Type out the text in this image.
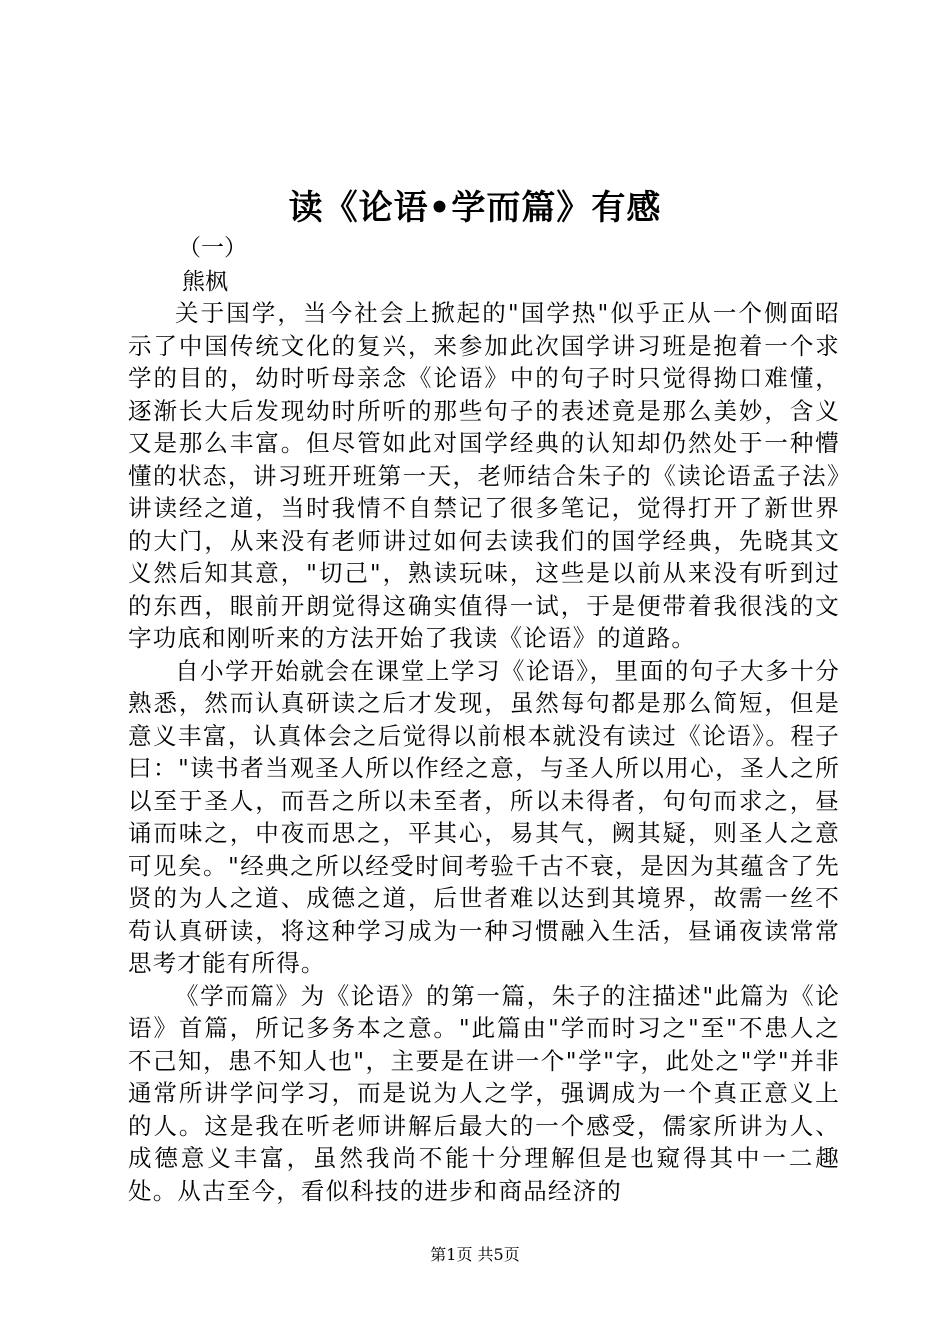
读《论语•学而篇》有感
（一）
熊枫

关于国学，当今社会上掀起的"国学热"似乎正从一个侧面昭示了中国传统文化的复兴，来参加此次国学讲习班是抱着一个求学的目的，幼时听母亲念《论语》中的句子时只觉得拗口难懂，逐渐长大后发现幼时所听的那些句子的表述竟是那么美妙，含义又是那么丰富。但尽管如此对国学经典的认知却仍然处于一种懵懂的状态，讲习班开班第一天，老师结合朱子的《读论语孟子法》讲读经之道，当时我情不自禁记了很多笔记，觉得打开了新世界的大门，从来没有老师讲过如何去读我们的国学经典，先晓其文义然后知其意，"切己"，熟读玩味，这些是以前从来没有听到过的东西，眼前开朗觉得这确实值得一试，于是便带着我很浅的文字功底和刚听来的方法开始了我读《论语》的道路。

自小学开始就会在课堂上学习《论语》，里面的句子大多十分熟悉，然而认真研读之后才发现，虽然每句都是那么简短，但是意义丰富，认真体会之后觉得以前根本就没有读过《论语》。程子曰："读书者当观圣人所以作经之意，与圣人所以用心，圣人之所以至于圣人，而吾之所以未至者，所以未得者，句句而求之，昼诵而味之，中夜而思之，平其心，易其气，阙其疑，则圣人之意可见矣。"经典之所以经受时间考验千古不衰，是因为其蕴含了先贤的为人之道、成德之道，后世者难以达到其境界，故需一丝不苟认真研读，将这种学习成为一种习惯融入生活，昼诵夜读常常思考才能有所得。

《学而篇》为《论语》的第一篇，朱子的注描述"此篇为《论语》首篇，所记多务本之意。"此篇由"学而时习之"至"不患人之不己知，患不知人也"，主要是在讲一个"学"字，此处之"学"并非通常所讲学问学习，而是说为人之学，强调成为一个真正意义上的人。这是我在听老师讲解后最大的一个感受，儒家所讲为人、成德意义丰富，虽然我尚不能十分理解但是也窥得其中一二趣处。从古至今，看似科技的进步和商品经济的

第1页 共5页
